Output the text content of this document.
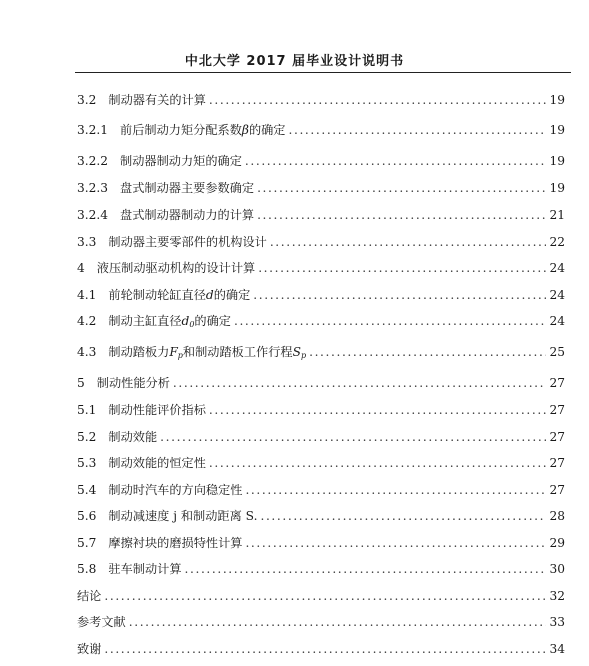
中北大学 2017 届毕业设计说明书
3.2 制动器有关的计算 .....	19
3.2.1 前后制动力矩分配系数β的确定 .....	19
3.2.2 制动器制动力矩的确定 .....	19
3.2.3 盘式制动器主要参数确定 .....	19
3.2.4 盘式制动器制动力的计算 .....	21
3.3 制动器主要零部件的机构设计 .....	22
4 液压制动驱动机构的设计计算 .....	24
4.1 前轮制动轮缸直径d的确定 .....	24
4.2 制动主缸直径$d_0$的确定 .....	24
4.3 制动踏板力$F_p$和制动踏板工作行程$S_p$ .....	25
5 制动性能分析 .....	27
5.1 制动性能评价指标 .....	27
5.2 制动效能 .....	27
5.3 制动效能的恒定性 .....	27
5.4 制动时汽车的方向稳定性 .....	27
5.6 制动减速度 j 和制动距离 S. .....	28
5.7 摩擦衬块的磨损特性计算 .....	29
5.8 驻车制动计算 .....	30
结论 .....	32
参考文献 .....	33
致谢 .....	34
